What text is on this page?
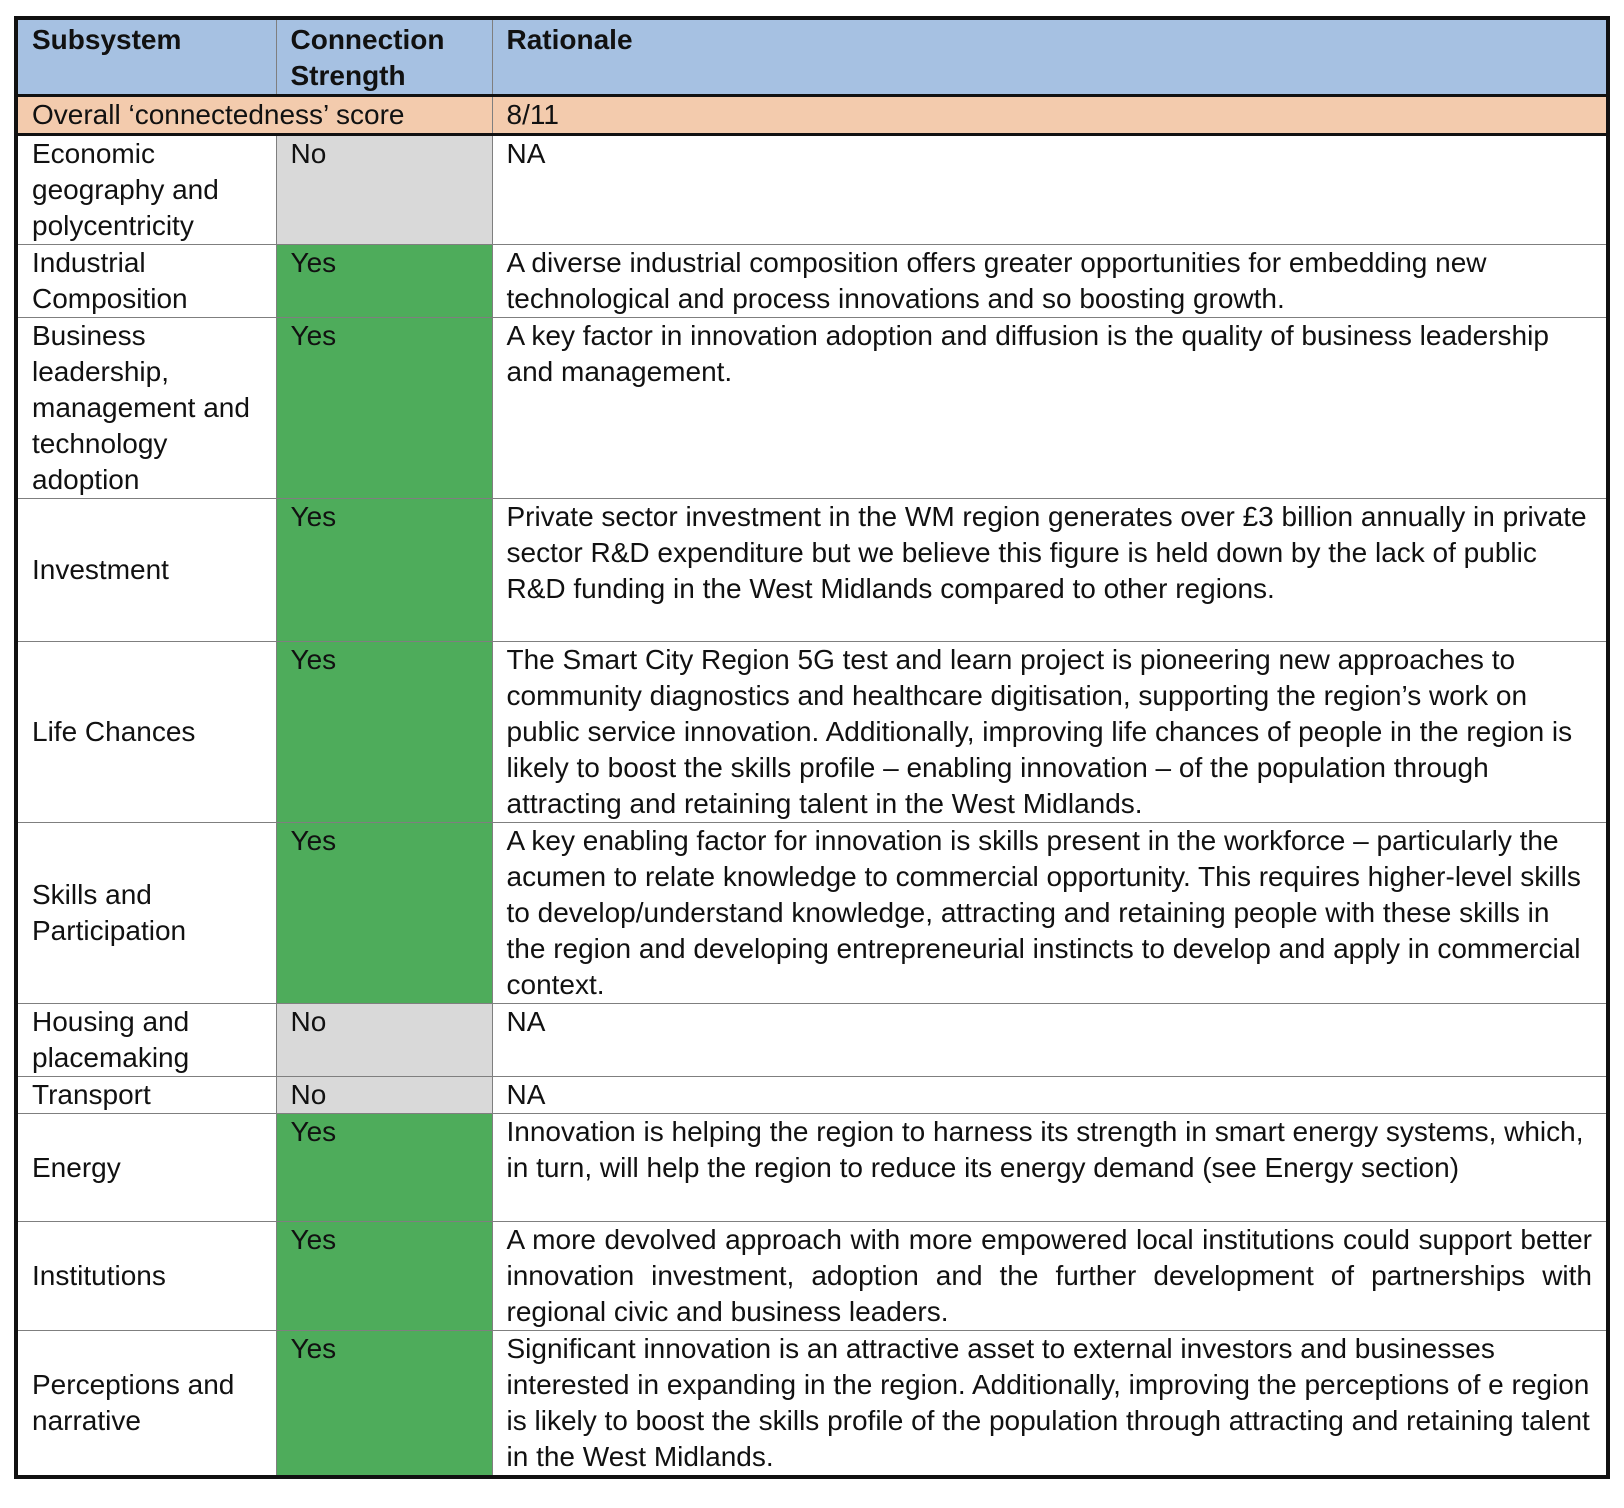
Subsystem	Connection Strength	Rationale
Overall ‘connectedness’ score		8/11
Economic geography and polycentricity	No	NA
Industrial Composition	Yes	A diverse industrial composition offers greater opportunities for embedding new technological and process innovations and so boosting growth.
Business leadership, management and technology adoption	Yes	A key factor in innovation adoption and diffusion is the quality of business leadership and management.
Investment	Yes	Private sector investment in the WM region generates over £3 billion annually in private sector R&D expenditure but we believe this figure is held down by the lack of public R&D funding in the West Midlands compared to other regions.
Life Chances	Yes	The Smart City Region 5G test and learn project is pioneering new approaches to community diagnostics and healthcare digitisation, supporting the region’s work on public service innovation. Additionally, improving life chances of people in the region is likely to boost the skills profile – enabling innovation – of the population through attracting and retaining talent in the West Midlands.
Skills and Participation	Yes	A key enabling factor for innovation is skills present in the workforce – particularly the acumen to relate knowledge to commercial opportunity. This requires higher-level skills to develop/understand knowledge, attracting and retaining people with these skills in the region and developing entrepreneurial instincts to develop and apply in commercial context.
Housing and placemaking	No	NA
Transport	No	NA
Energy	Yes	Innovation is helping the region to harness its strength in smart energy systems, which, in turn, will help the region to reduce its energy demand (see Energy section)
Institutions	Yes	A more devolved approach with more empowered local institutions could support better innovation investment, adoption and the further development of partnerships with regional civic and business leaders.
Perceptions and narrative	Yes	Significant innovation is an attractive asset to external investors and businesses interested in expanding in the region. Additionally, improving the perceptions of e region is likely to boost the skills profile of the population through attracting and retaining talent in the West Midlands.
